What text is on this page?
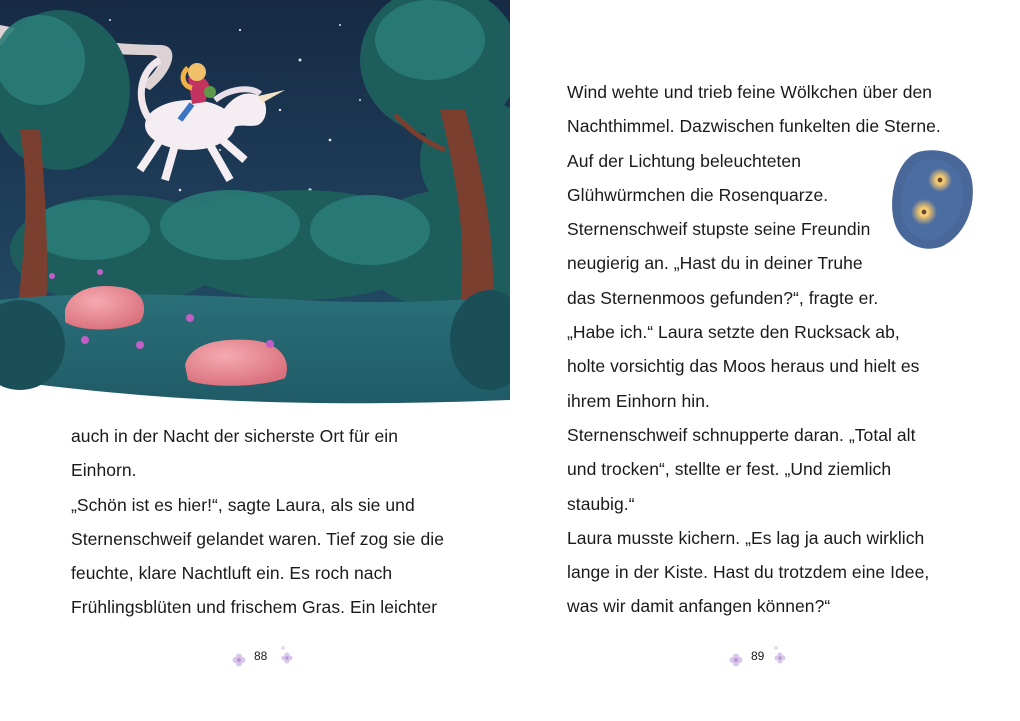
auch in der Nacht der sicherste Ort für ein
Einhorn.
„Schön ist es hier!“, sagte Laura, als sie und
Sternenschweif gelandet waren. Tief zog sie die
feuchte, klare Nachtluft ein. Es roch nach
Frühlingsblüten und frischem Gras. Ein leichter
88
Wind wehte und trieb feine Wölkchen über den
Nachthimmel. Dazwischen funkelten die Sterne.
Auf der Lichtung beleuchteten
Glühwürmchen die Rosenquarze.
Sternenschweif stupste seine Freundin
neugierig an. „Hast du in deiner Truhe
das Sternenmoos gefunden?“, fragte er.
„Habe ich.“ Laura setzte den Rucksack ab,
holte vorsichtig das Moos heraus und hielt es
ihrem Einhorn hin.
Sternenschweif schnupperte daran. „Total alt
und trocken“, stellte er fest. „Und ziemlich
staubig.“
Laura musste kichern. „Es lag ja auch wirklich
lange in der Kiste. Hast du trotzdem eine Idee,
was wir damit anfangen können?“
89
